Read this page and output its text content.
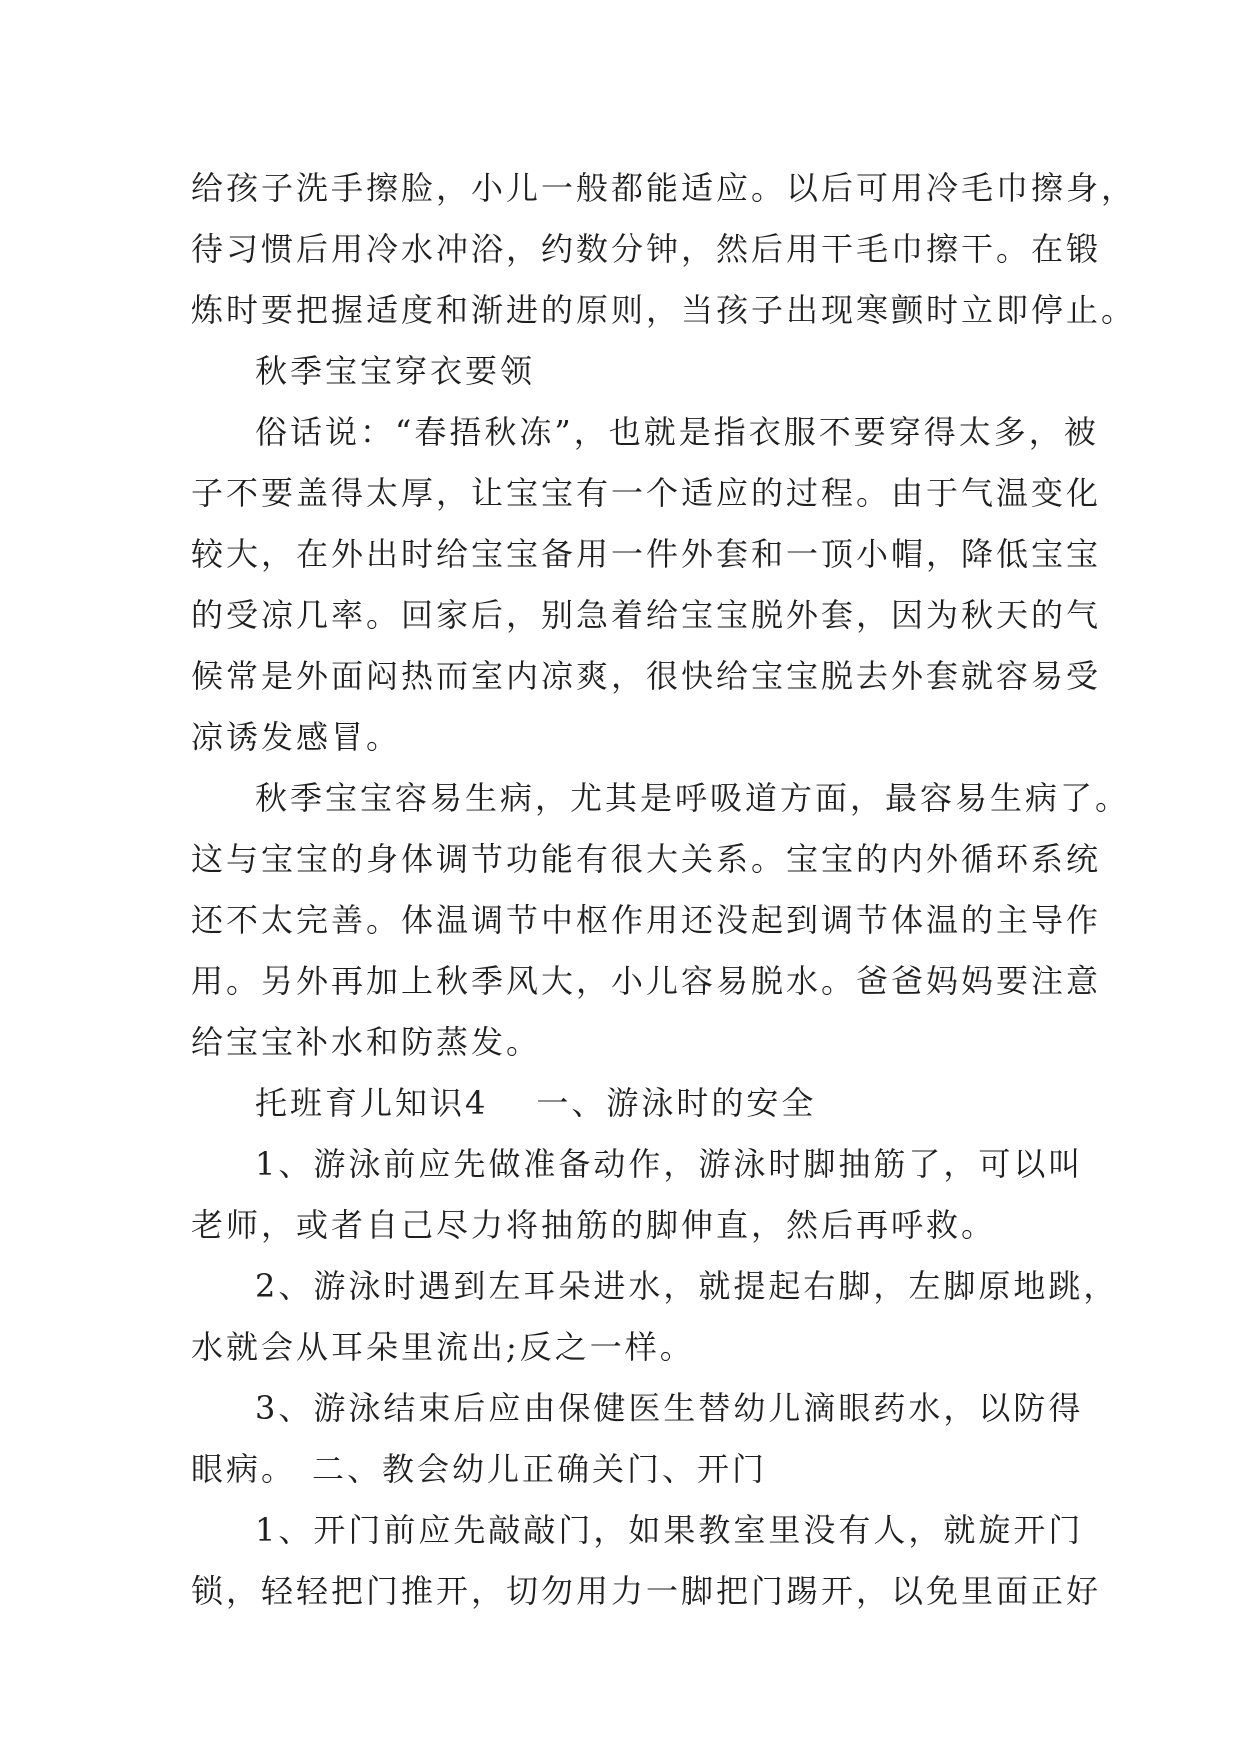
给孩子洗手擦脸，小儿一般都能适应。以后可用冷毛巾擦身，
待习惯后用冷水冲浴，约数分钟，然后用干毛巾擦干。在锻
炼时要把握适度和渐进的原则，当孩子出现寒颤时立即停止。
秋季宝宝穿衣要领
俗话说：“春捂秋冻”，也就是指衣服不要穿得太多，被
子不要盖得太厚，让宝宝有一个适应的过程。由于气温变化
较大，在外出时给宝宝备用一件外套和一顶小帽，降低宝宝
的受凉几率。回家后，别急着给宝宝脱外套，因为秋天的气
候常是外面闷热而室内凉爽，很快给宝宝脱去外套就容易受
凉诱发感冒。
秋季宝宝容易生病，尤其是呼吸道方面，最容易生病了。
这与宝宝的身体调节功能有很大关系。宝宝的内外循环系统
还不太完善。体温调节中枢作用还没起到调节体温的主导作
用。另外再加上秋季风大，小儿容易脱水。爸爸妈妈要注意
给宝宝补水和防蒸发。
托班育儿知识4 一、游泳时的安全
1、游泳前应先做准备动作，游泳时脚抽筋了，可以叫
老师，或者自己尽力将抽筋的脚伸直，然后再呼救。
2、游泳时遇到左耳朵进水，就提起右脚，左脚原地跳，
水就会从耳朵里流出;反之一样。
3、游泳结束后应由保健医生替幼儿滴眼药水，以防得
眼病。 二、教会幼儿正确关门、开门
1、开门前应先敲敲门，如果教室里没有人，就旋开门
锁，轻轻把门推开，切勿用力一脚把门踢开，以免里面正好
